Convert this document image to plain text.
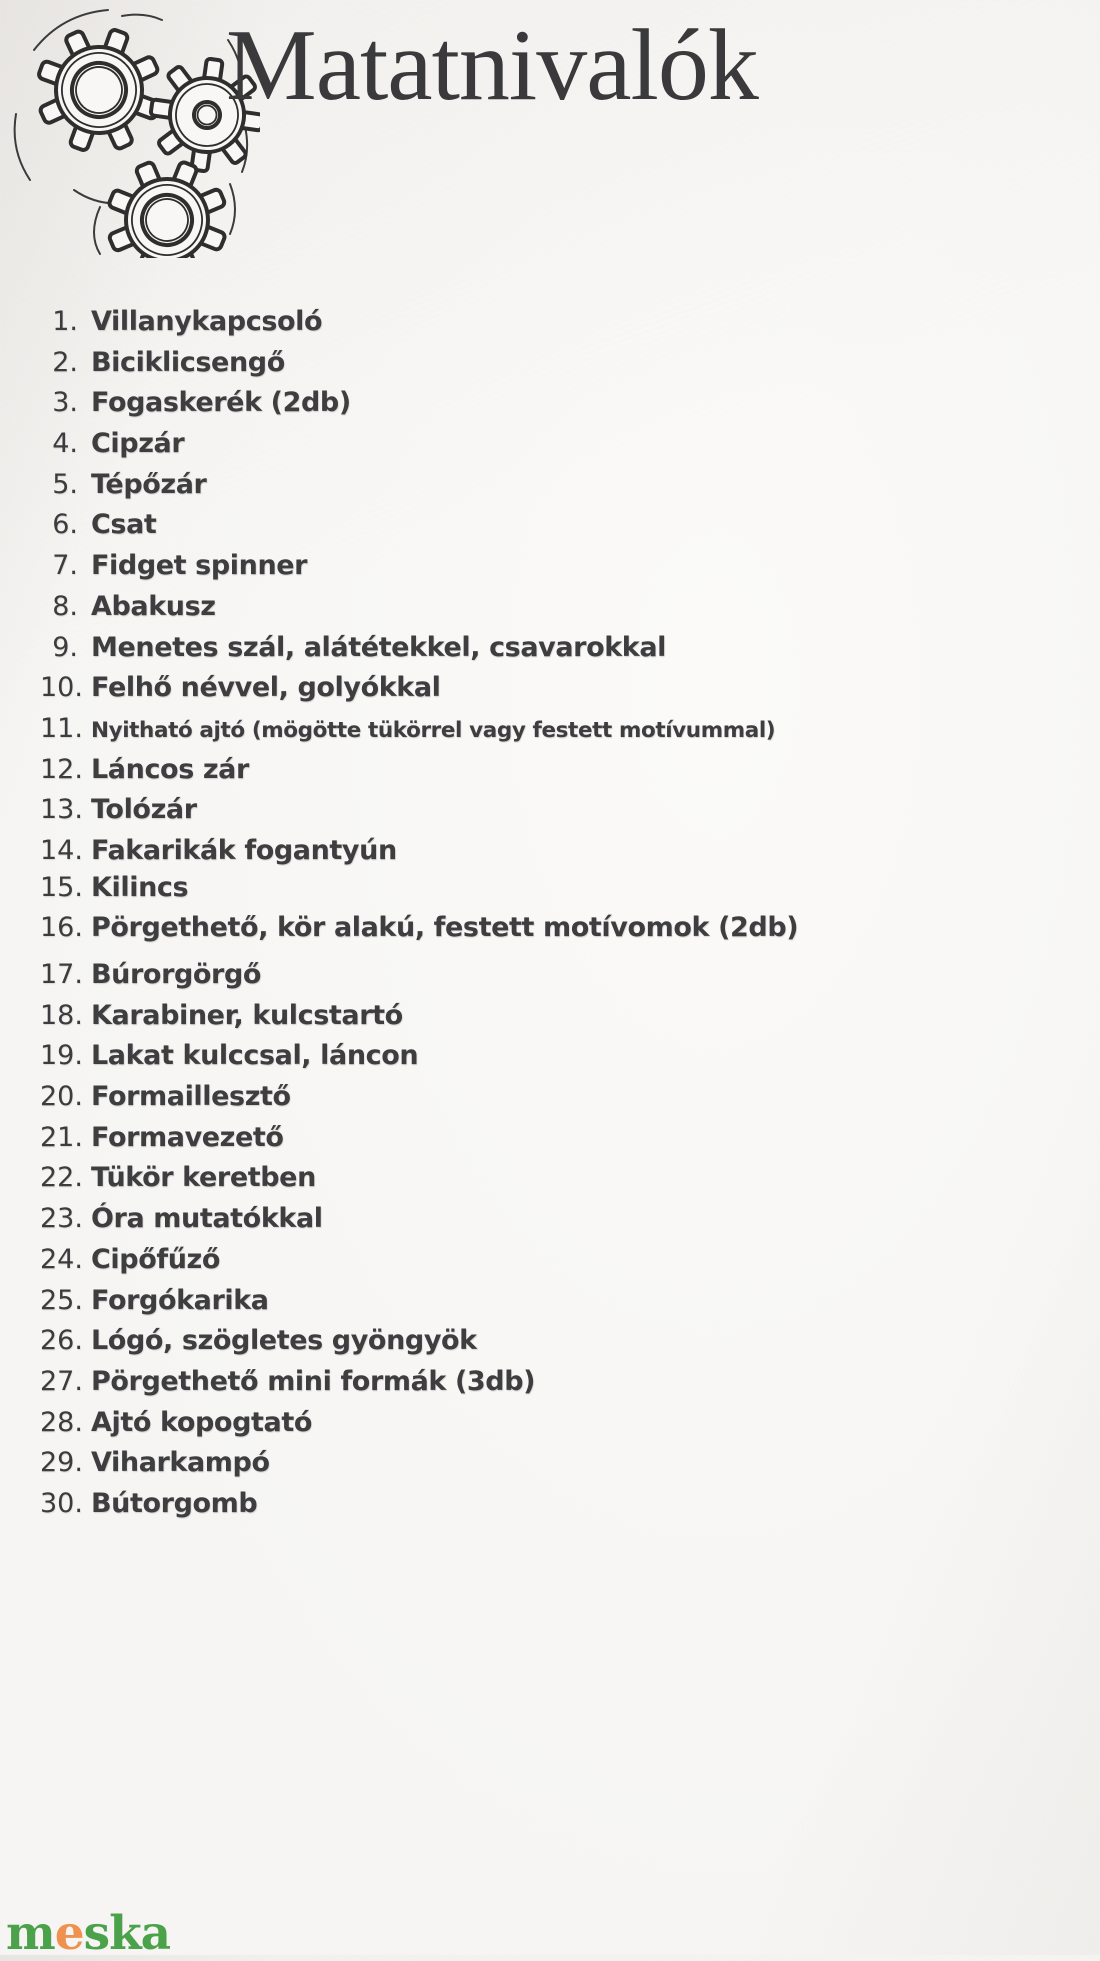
Matatnivalók
1. Villanykapcsoló
2. Biciklicsengő
3. Fogaskerék (2db)
4. Cipzár
5. Tépőzár
6. Csat
7. Fidget spinner
8. Abakusz
9. Menetes szál, alátétekkel, csavarokkal
10. Felhő névvel, golyókkal
11. Nyitható ajtó (mögötte tükörrel vagy festett motívummal)
12. Láncos zár
13. Tolózár
14. Fakarikák fogantyún
15. Kilincs
16. Pörgethető, kör alakú, festett motívomok (2db)
17. Búrorgörgő
18. Karabiner, kulcstartó
19. Lakat kulccsal, láncon
20. Formaillesztő
21. Formavezető
22. Tükör keretben
23. Óra mutatókkal
24. Cipőfűző
25. Forgókarika
26. Lógó, szögletes gyöngyök
27. Pörgethető mini formák (3db)
28. Ajtó kopogtató
29. Viharkampó
30. Bútorgomb
meska
